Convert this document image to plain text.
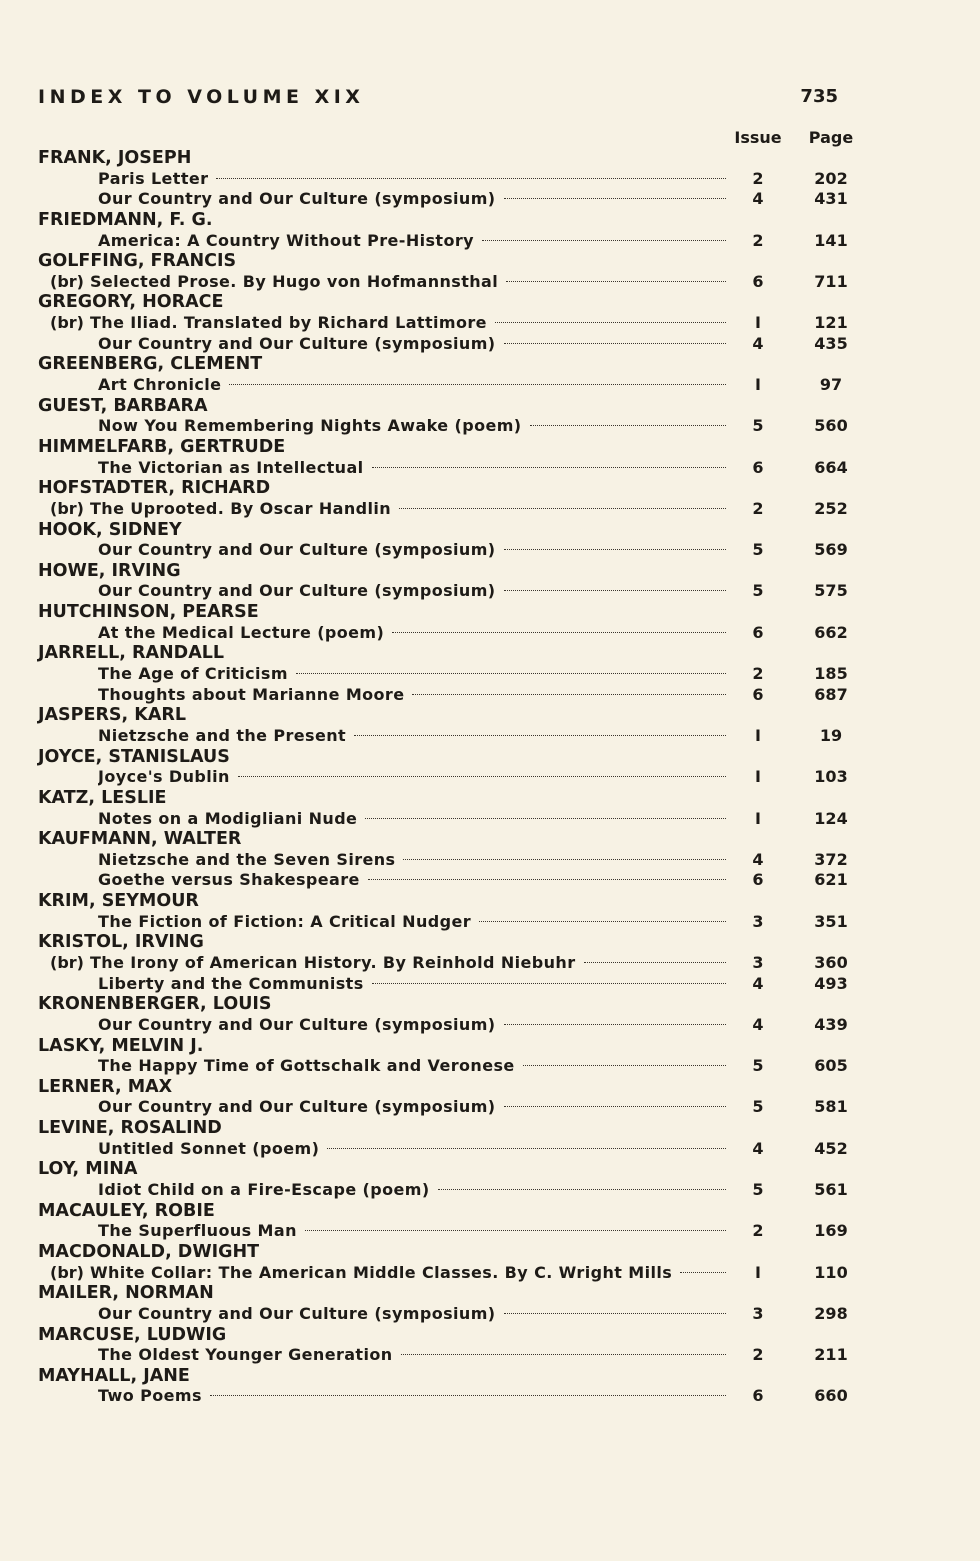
INDEX TO VOLUME XIX	735
Issue	Page
FRANK, JOSEPH
Paris Letter	2	202
Our Country and Our Culture (symposium)	4	431
FRIEDMANN, F. G.
America: A Country Without Pre-History	2	141
GOLFFING, FRANCIS
(br) Selected Prose. By Hugo von Hofmannsthal	6	711
GREGORY, HORACE
(br) The Iliad. Translated by Richard Lattimore	I	121
Our Country and Our Culture (symposium)	4	435
GREENBERG, CLEMENT
Art Chronicle	I	97
GUEST, BARBARA
Now You Remembering Nights Awake (poem)	5	560
HIMMELFARB, GERTRUDE
The Victorian as Intellectual	6	664
HOFSTADTER, RICHARD
(br) The Uprooted. By Oscar Handlin	2	252
HOOK, SIDNEY
Our Country and Our Culture (symposium)	5	569
HOWE, IRVING
Our Country and Our Culture (symposium)	5	575
HUTCHINSON, PEARSE
At the Medical Lecture (poem)	6	662
JARRELL, RANDALL
The Age of Criticism	2	185
Thoughts about Marianne Moore	6	687
JASPERS, KARL
Nietzsche and the Present	I	19
JOYCE, STANISLAUS
Joyce's Dublin	I	103
KATZ, LESLIE
Notes on a Modigliani Nude	I	124
KAUFMANN, WALTER
Nietzsche and the Seven Sirens	4	372
Goethe versus Shakespeare	6	621
KRIM, SEYMOUR
The Fiction of Fiction: A Critical Nudger	3	351
KRISTOL, IRVING
(br) The Irony of American History. By Reinhold Niebuhr	3	360
Liberty and the Communists	4	493
KRONENBERGER, LOUIS
Our Country and Our Culture (symposium)	4	439
LASKY, MELVIN J.
The Happy Time of Gottschalk and Veronese	5	605
LERNER, MAX
Our Country and Our Culture (symposium)	5	581
LEVINE, ROSALIND
Untitled Sonnet (poem)	4	452
LOY, MINA
Idiot Child on a Fire-Escape (poem)	5	561
MACAULEY, ROBIE
The Superfluous Man	2	169
MACDONALD, DWIGHT
(br) White Collar: The American Middle Classes. By C. Wright Mills	I	110
MAILER, NORMAN
Our Country and Our Culture (symposium)	3	298
MARCUSE, LUDWIG
The Oldest Younger Generation	2	211
MAYHALL, JANE
Two Poems	6	660
